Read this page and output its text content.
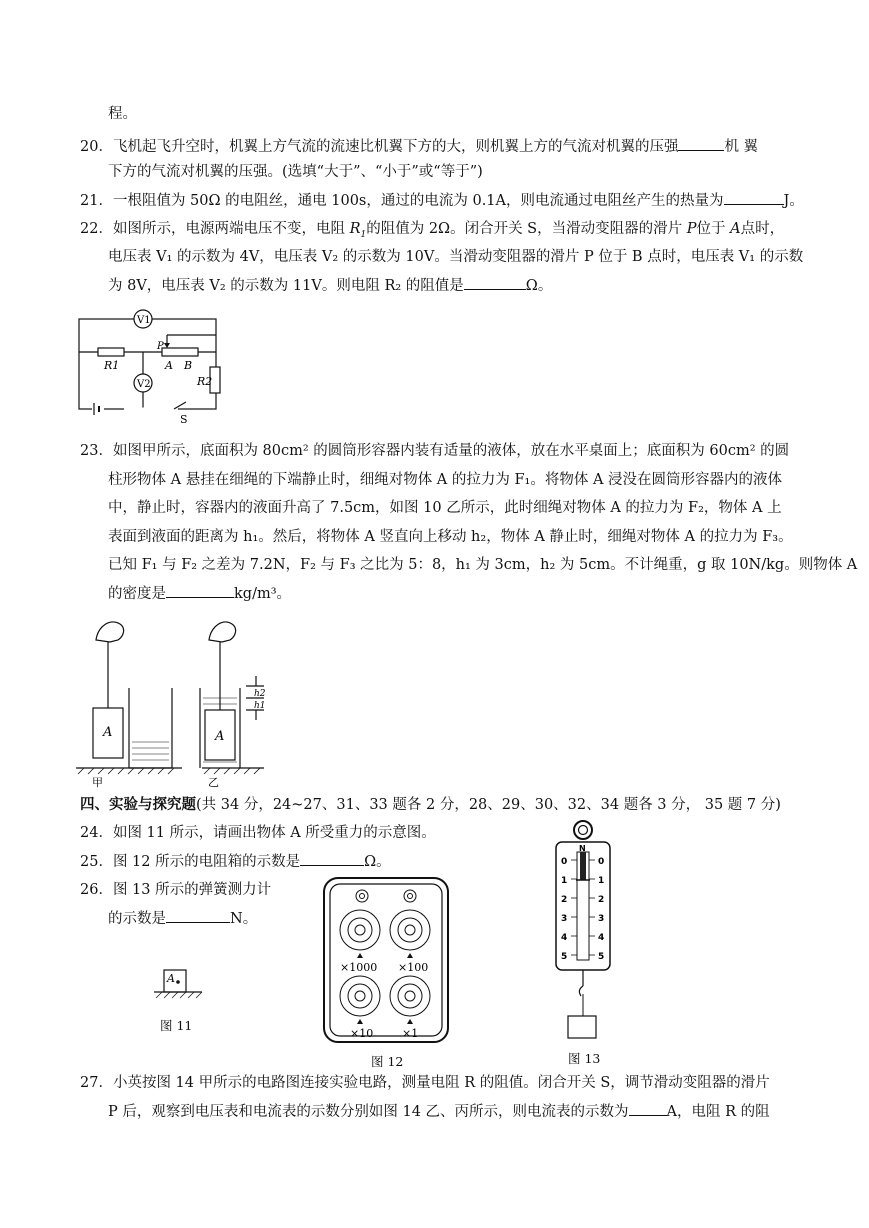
程。
20．飞机起飞升空时，机翼上方气流的流速比机翼下方的大，则机翼上方的气流对机翼的压强	机 翼
下方的气流对机翼的压强。(选填“大于”、“小于”或“等于”)
21．一根阻值为 50Ω 的电阻丝，通电 100s，通过的电流为 0.1A，则电流通过电阻丝产生的热量为	J。
22．如图所示，电源两端电压不变，电阻 $R_1$的阻值为 2Ω。闭合开关 S，当滑动变阻器的滑片 P位于 A点时，
电压表 V₁ 的示数为 4V，电压表 V₂ 的示数为 10V。当滑动变阻器的滑片 P 位于 B 点时，电压表 V₁ 的示数
为 8V，电压表 V₂ 的示数为 11V。则电阻 R₂ 的阻值是	Ω。
V1
V2
R1
R2
P
A B
S
23．如图甲所示，底面积为 80cm² 的圆筒形容器内装有适量的液体，放在水平桌面上；底面积为 60cm² 的圆
柱形物体 A 悬挂在细绳的下端静止时，细绳对物体 A 的拉力为 F₁。将物体 A 浸没在圆筒形容器内的液体
中，静止时，容器内的液面升高了 7.5cm，如图 10 乙所示，此时细绳对物体 A 的拉力为 F₂，物体 A 上
表面到液面的距离为 h₁。然后，将物体 A 竖直向上移动 h₂，物体 A 静止时，细绳对物体 A 的拉力为 F₃。
已知 F₁ 与 F₂ 之差为 7.2N，F₂ 与 F₃ 之比为 5：8，h₁ 为 3cm，h₂ 为 5cm。不计绳重，g 取 10N/kg。则物体 A
的密度是	kg/m³。
A	A
h1
h2
甲	乙
四、实验与探究题(共 34 分，24~27、31、33 题各 2 分，28、29、30、32、34 题各 3 分， 35 题 7 分)
24．如图 11 所示，请画出物体 A 所受重力的示意图。
25．图 12 所示的电阻箱的示数是	Ω。
26．图 13 所示的弹簧测力计
的示数是	N。
A
图 11
×1000 ×100
×10	×1
图 12
N
0
1
2
3
4
5
0
1
2
3
4
5
图 13
27．小英按图 14 甲所示的电路图连接实验电路，测量电阻 R 的阻值。闭合开关 S，调节滑动变阻器的滑片
P 后，观察到电压表和电流表的示数分别如图 14 乙、丙所示，则电流表的示数为	A，电阻 R 的阻
